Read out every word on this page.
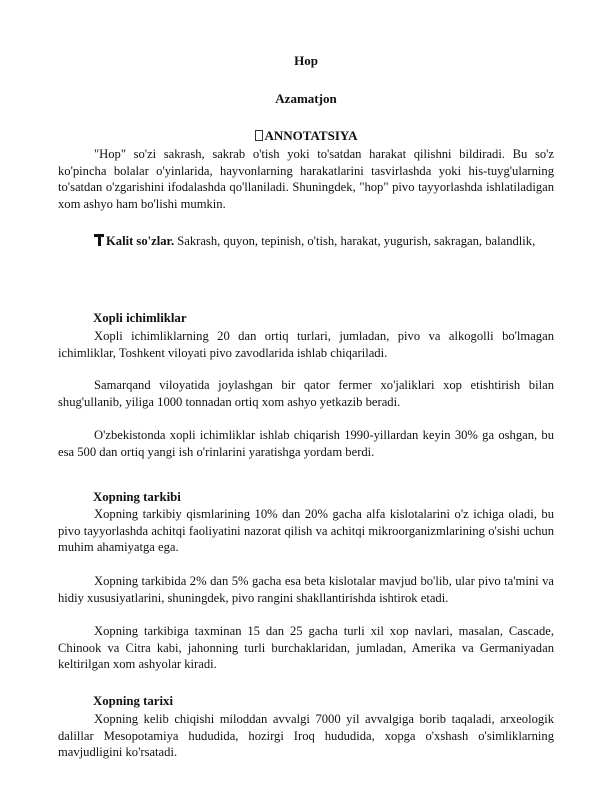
Hop
Azamatjon
ANNOTATSIYA
"Hop" so'zi sakrash, sakrab o'tish yoki to'satdan harakat qilishni bildiradi. Bu so'z ko'pincha bolalar o'yinlarida, hayvonlarning harakatlarini tasvirlashda yoki his-tuyg'ularning to'satdan o'zgarishini ifodalashda qo'llaniladi. Shuningdek, "hop" pivo tayyorlashda ishlatiladigan xom ashyo ham bo'lishi mumkin.
Kalit so'zlar. Sakrash, quyon, tepinish, o'tish, harakat, yugurish, sakragan, balandlik,
Xopli ichimliklar
Xopli ichimliklarning 20 dan ortiq turlari, jumladan, pivo va alkogolli bo'lmagan ichimliklar, Toshkent viloyati pivo zavodlarida ishlab chiqariladi.
Samarqand viloyatida joylashgan bir qator fermer xo'jaliklari xop etishtirish bilan shug'ullanib, yiliga 1000 tonnadan ortiq xom ashyo yetkazib beradi.
O'zbekistonda xopli ichimliklar ishlab chiqarish 1990-yillardan keyin 30% ga oshgan, bu esa 500 dan ortiq yangi ish o'rinlarini yaratishga yordam berdi.
Xopning tarkibi
Xopning tarkibiy qismlarining 10% dan 20% gacha alfa kislotalarini o'z ichiga oladi, bu pivo tayyorlashda achitqi faoliyatini nazorat qilish va achitqi mikroorganizmlarining o'sishi uchun muhim ahamiyatga ega.
Xopning tarkibida 2% dan 5% gacha esa beta kislotalar mavjud bo'lib, ular pivo ta'mini va hidiy xususiyatlarini, shuningdek, pivo rangini shakllantirishda ishtirok etadi.
Xopning tarkibiga taxminan 15 dan 25 gacha turli xil xop navlari, masalan, Cascade, Chinook va Citra kabi, jahonning turli burchaklaridan, jumladan, Amerika va Germaniyadan keltirilgan xom ashyolar kiradi.
Xopning tarixi
Xopning kelib chiqishi miloddan avvalgi 7000 yil avvalgiga borib taqaladi, arxeologik dalillar Mesopotamiya hududida, hozirgi Iroq hududida, xopga o'xshash o'simliklarning mavjudligini ko'rsatadi.
